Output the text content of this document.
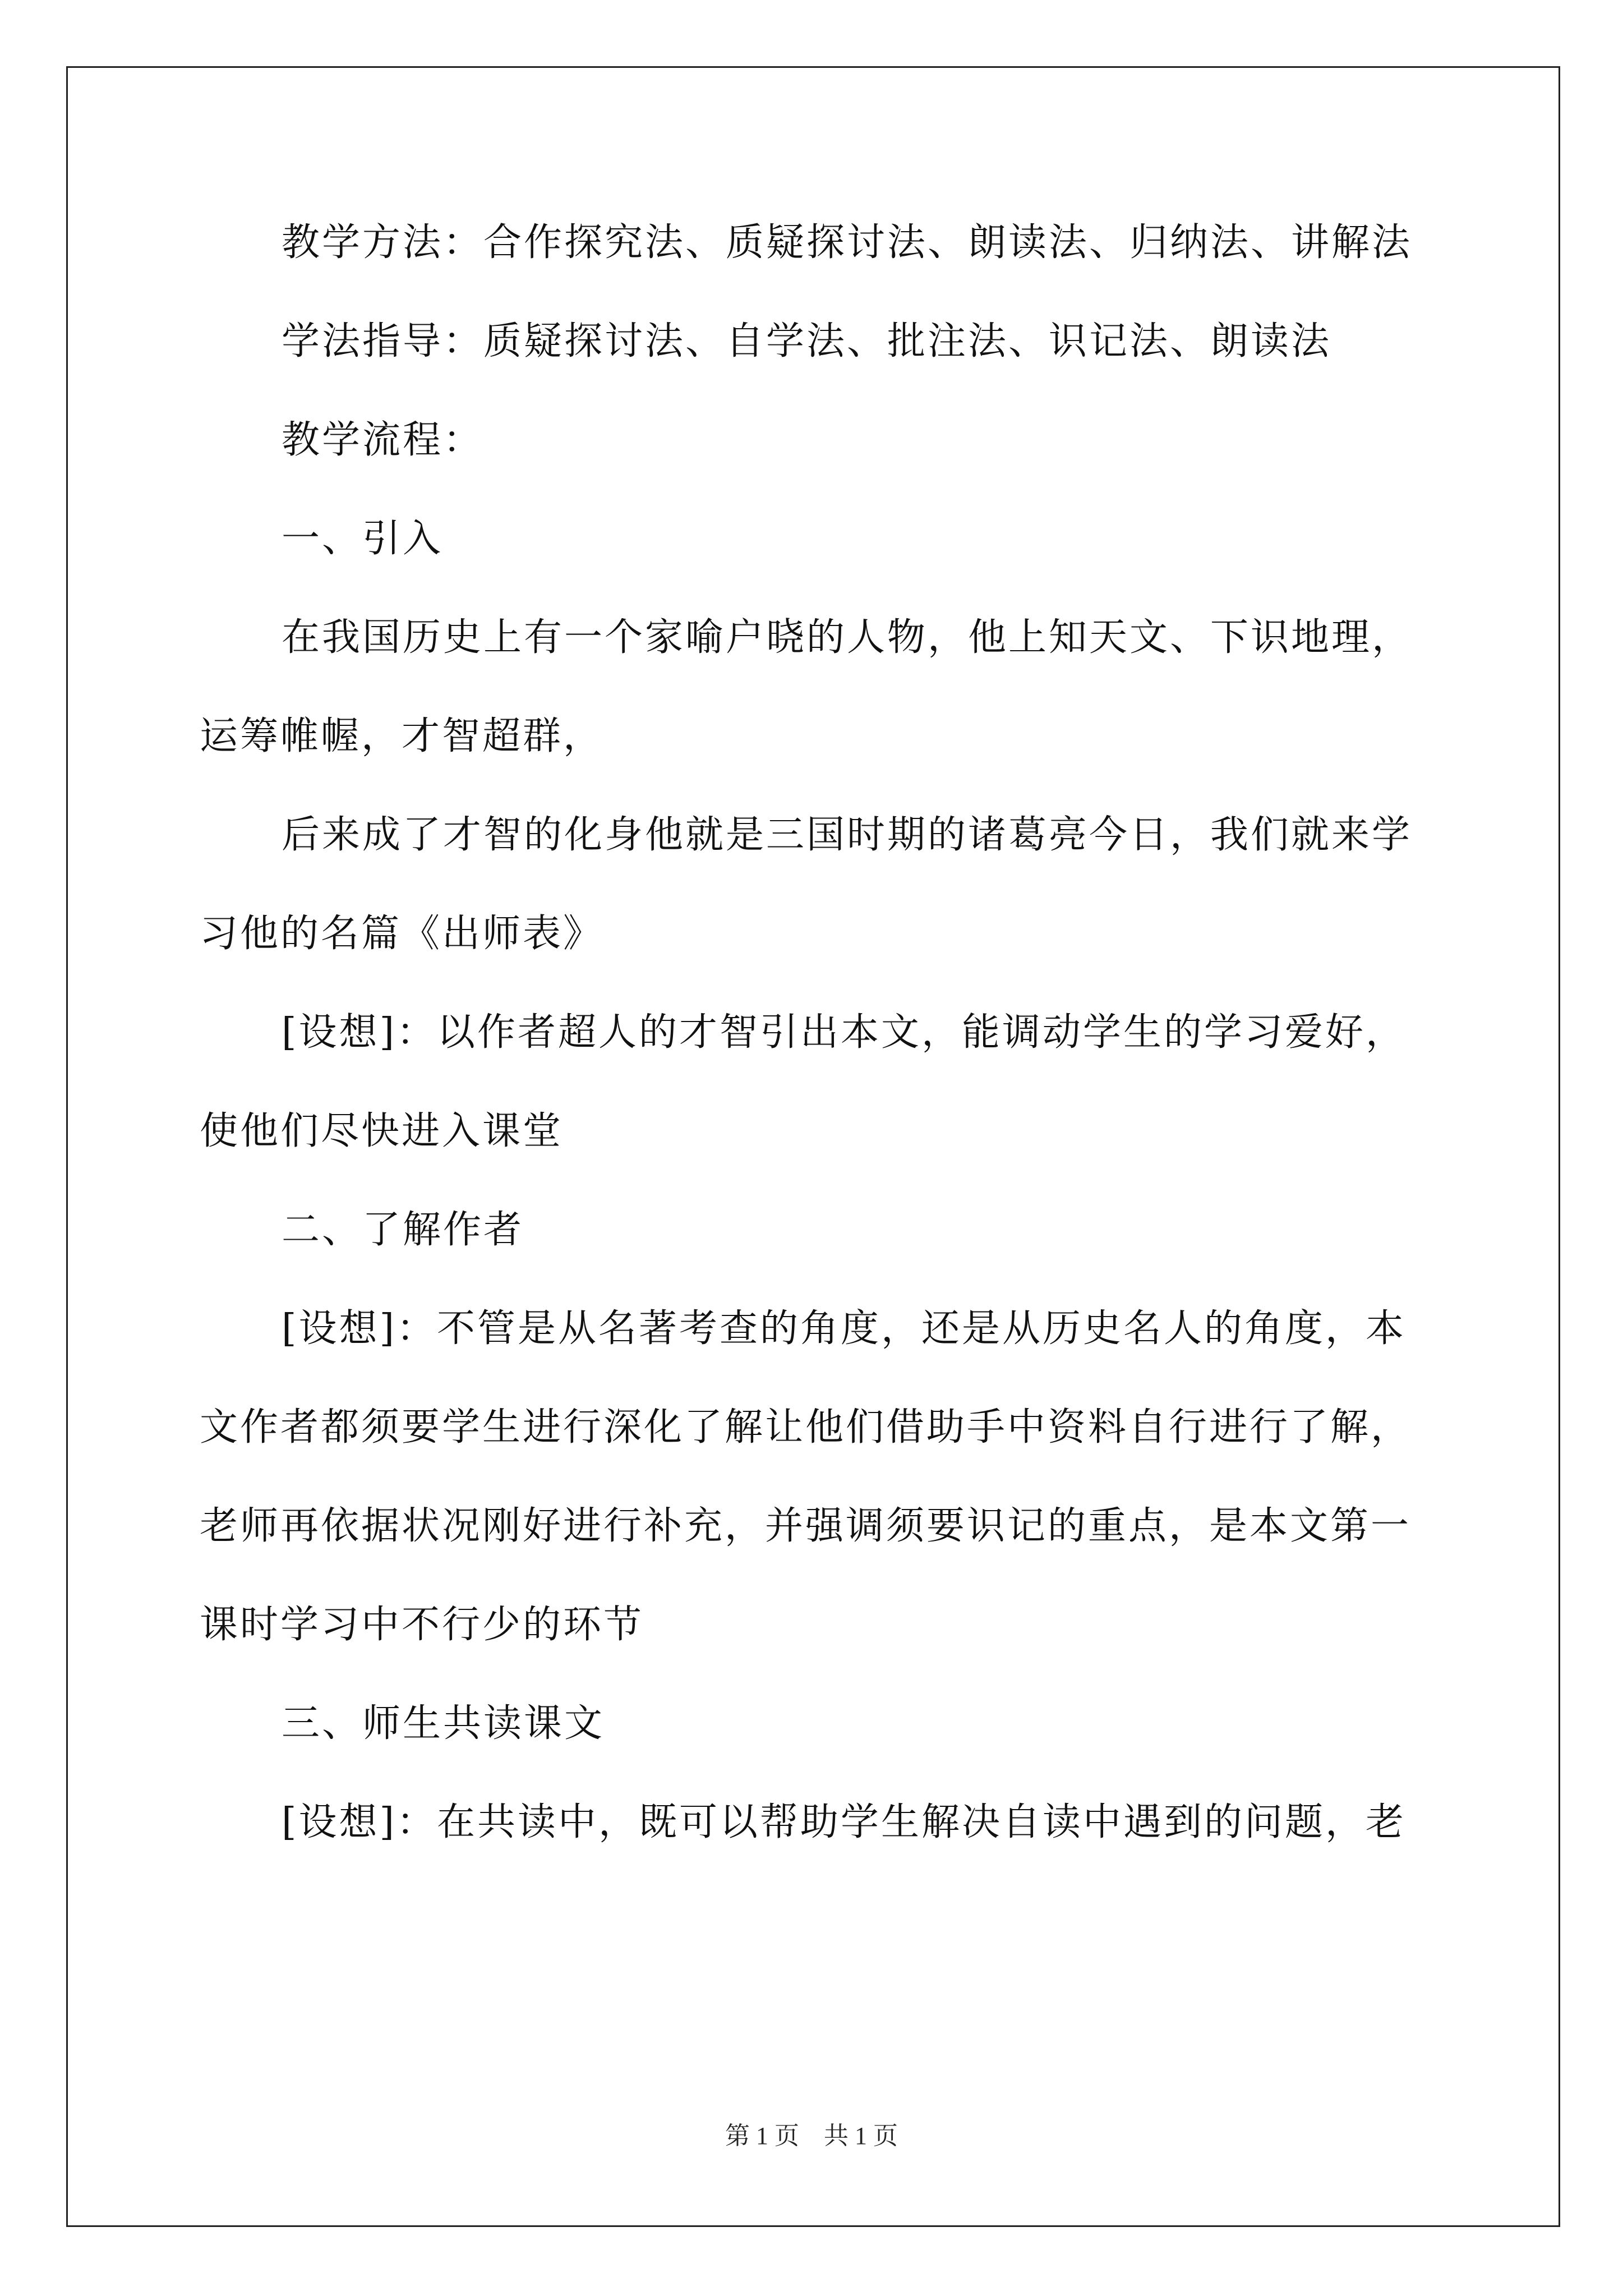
教学方法：合作探究法、质疑探讨法、朗读法、归纳法、讲解法
学法指导：质疑探讨法、自学法、批注法、识记法、朗读法
教学流程：
一、引入
在我国历史上有一个家喻户晓的人物，他上知天文、下识地理，
运筹帷幄，才智超群，
后来成了才智的化身他就是三国时期的诸葛亮今日，我们就来学
习他的名篇《出师表》
[设想]：以作者超人的才智引出本文，能调动学生的学习爱好，
使他们尽快进入课堂
二、了解作者
[设想]：不管是从名著考查的角度，还是从历史名人的角度，本
文作者都须要学生进行深化了解让他们借助手中资料自行进行了解，
老师再依据状况刚好进行补充，并强调须要识记的重点，是本文第一
课时学习中不行少的环节
三、师生共读课文
[设想]：在共读中，既可以帮助学生解决自读中遇到的问题，老
第 1 页　共 1 页
